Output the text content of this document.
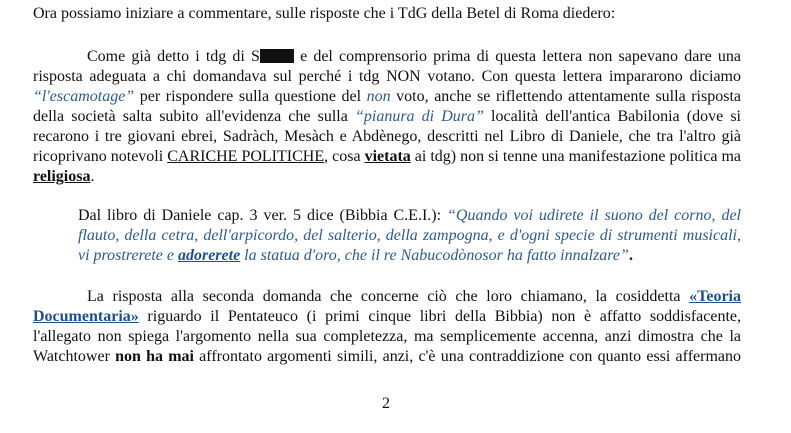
Ora possiamo iniziare a commentare, sulle risposte che i TdG della Betel di Roma diedero:
Come già detto i tdg di S e del comprensorio prima di questa lettera non sapevano dare una
risposta adeguata a chi domandava sul perché i tdg NON votano. Con questa lettera impararono diciamo
“l'escamotage” per rispondere sulla questione del non voto, anche se riflettendo attentamente sulla risposta
della società salta subito all'evidenza che sulla “pianura di Dura” località dell'antica Babilonia (dove si
recarono i tre giovani ebrei, Sadràch, Mesàch e Abdènego, descritti nel Libro di Daniele, che tra l'altro già
ricoprivano notevoli CARICHE POLITICHE, cosa vietata ai tdg) non si tenne una manifestazione politica ma
religiosa.
Dal libro di Daniele cap. 3 ver. 5 dice (Bibbia C.E.I.): “Quando voi udirete il suono del corno, del
flauto, della cetra, dell'arpicordo, del salterio, della zampogna, e d'ogni specie di strumenti musicali,
vi prostrerete e adorerete la statua d'oro, che il re Nabucodònosor ha fatto innalzare”.
La risposta alla seconda domanda che concerne ciò che loro chiamano, la cosiddetta «Teoria
Documentaria» riguardo il Pentateuco (i primi cinque libri della Bibbia) non è affatto soddisfacente,
l'allegato non spiega l'argomento nella sua completezza, ma semplicemente accenna, anzi dimostra che la
Watchtower non ha mai affrontato argomenti simili, anzi, c'è una contraddizione con quanto essi affermano
2
